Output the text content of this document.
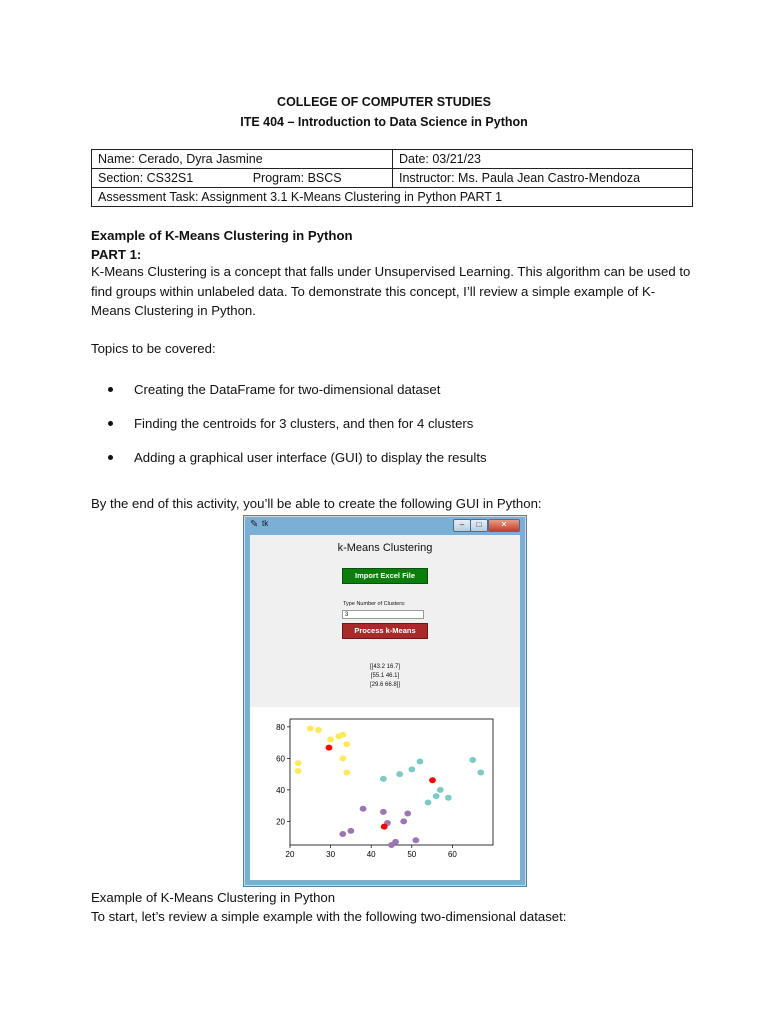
COLLEGE OF COMPUTER STUDIES
ITE 404 – Introduction to Data Science in Python
Name: Cerado, Dyra Jasmine	Date: 03/21/23
Section: CS32S1 Program: BSCS	Instructor: Ms. Paula Jean Castro-Mendoza
Assessment Task: Assignment 3.1 K-Means Clustering in Python PART 1	
Example of K-Means Clustering in Python
PART 1:
K-Means Clustering is a concept that falls under Unsupervised Learning. This algorithm can be used to find groups within unlabeled data. To demonstrate this concept, I’ll review a simple example of K-Means Clustering in Python.
Topics to be covered:
Creating the DataFrame for two-dimensional dataset
Finding the centroids for 3 clusters, and then for 4 clusters
Adding a graphical user interface (GUI) to display the results
By the end of this activity, you’ll be able to create the following GUI in Python:
✎ tk	–	□	✕
k-Means Clustering
Import Excel File
Type Number of Clusters:
3
Process k-Means
[[43.2 16.7]
[55.1 46.1]
[29.6 66.8]]
20	30	40	50	60
20
40
60
80
Example of K-Means Clustering in Python
To start, let’s review a simple example with the following two-dimensional dataset:
